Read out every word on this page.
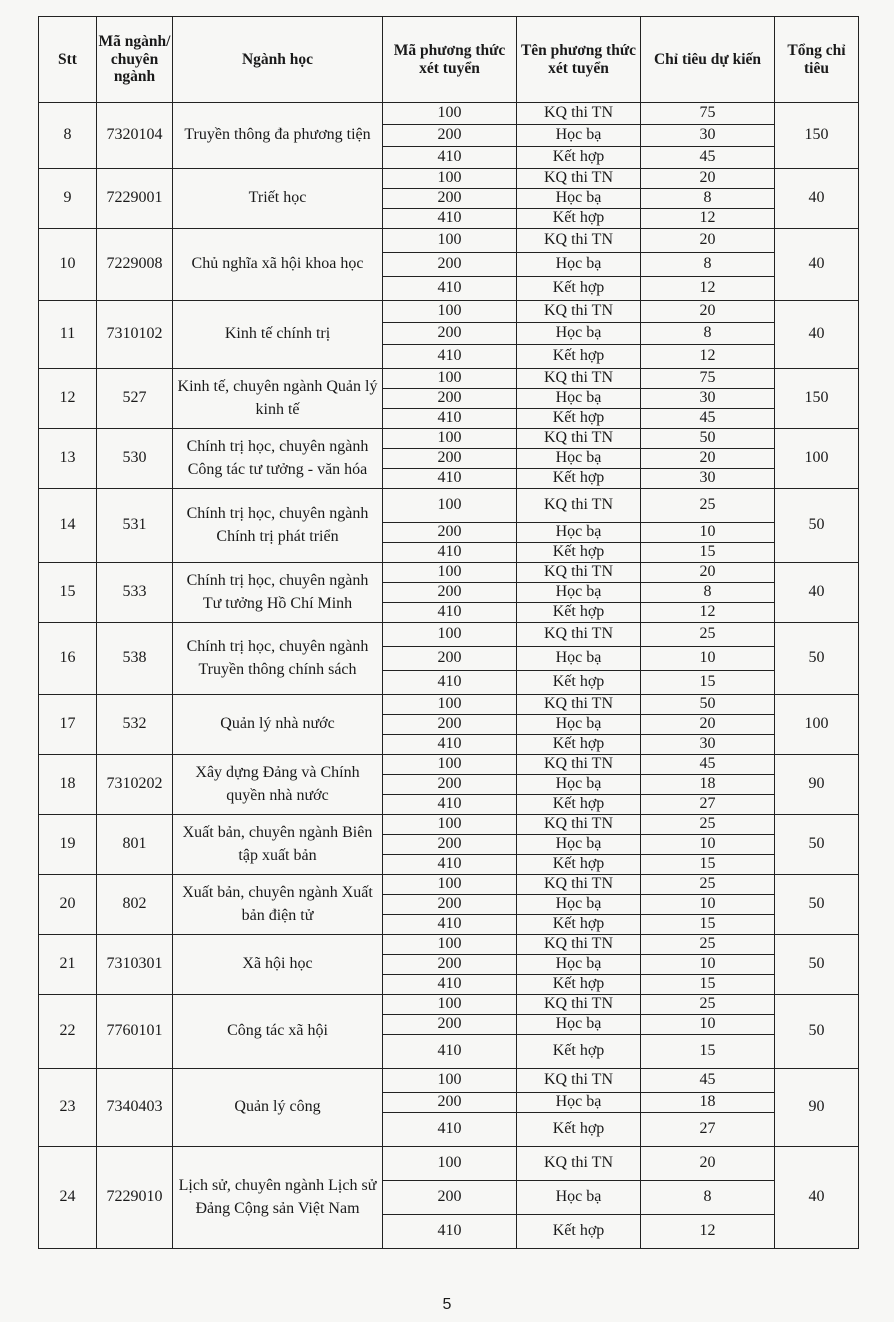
Stt	Mã ngành/ chuyên ngành	Ngành học	Mã phương thức xét tuyển	Tên phương thức xét tuyển	Chỉ tiêu dự kiến	Tổng chỉ tiêu
8	7320104	Truyền thông đa phương tiện	100	KQ thi TN	75	150
			200	Học bạ	30	
			410	Kết hợp	45	
9	7229001	Triết học	100	KQ thi TN	20	40
			200	Học bạ	8	
			410	Kết hợp	12	
10	7229008	Chủ nghĩa xã hội khoa học	100	KQ thi TN	20	40
			200	Học bạ	8	
			410	Kết hợp	12	
11	7310102	Kinh tế chính trị	100	KQ thi TN	20	40
			200	Học bạ	8	
			410	Kết hợp	12	
12	527	Kinh tế, chuyên ngành Quản lý kinh tế	100	KQ thi TN	75	150
			200	Học bạ	30	
			410	Kết hợp	45	
13	530	Chính trị học, chuyên ngành Công tác tư tưởng - văn hóa	100	KQ thi TN	50	100
			200	Học bạ	20	
			410	Kết hợp	30	
14	531	Chính trị học, chuyên ngành Chính trị phát triển	100	KQ thi TN	25	50
			200	Học bạ	10	
			410	Kết hợp	15	
15	533	Chính trị học, chuyên ngành Tư tưởng Hồ Chí Minh	100	KQ thi TN	20	40
			200	Học bạ	8	
			410	Kết hợp	12	
16	538	Chính trị học, chuyên ngành Truyền thông chính sách	100	KQ thi TN	25	50
			200	Học bạ	10	
			410	Kết hợp	15	
17	532	Quản lý nhà nước	100	KQ thi TN	50	100
			200	Học bạ	20	
			410	Kết hợp	30	
18	7310202	Xây dựng Đảng và Chính quyền nhà nước	100	KQ thi TN	45	90
			200	Học bạ	18	
			410	Kết hợp	27	
19	801	Xuất bản, chuyên ngành Biên tập xuất bản	100	KQ thi TN	25	50
			200	Học bạ	10	
			410	Kết hợp	15	
20	802	Xuất bản, chuyên ngành Xuất bản điện tử	100	KQ thi TN	25	50
			200	Học bạ	10	
			410	Kết hợp	15	
21	7310301	Xã hội học	100	KQ thi TN	25	50
			200	Học bạ	10	
			410	Kết hợp	15	
22	7760101	Công tác xã hội	100	KQ thi TN	25	50
			200	Học bạ	10	
			410	Kết hợp	15	
23	7340403	Quản lý công	100	KQ thi TN	45	90
			200	Học bạ	18	
			410	Kết hợp	27	
24	7229010	Lịch sử, chuyên ngành Lịch sử Đảng Cộng sản Việt Nam	100	KQ thi TN	20	40
			200	Học bạ	8	
			410	Kết hợp	12	
5
